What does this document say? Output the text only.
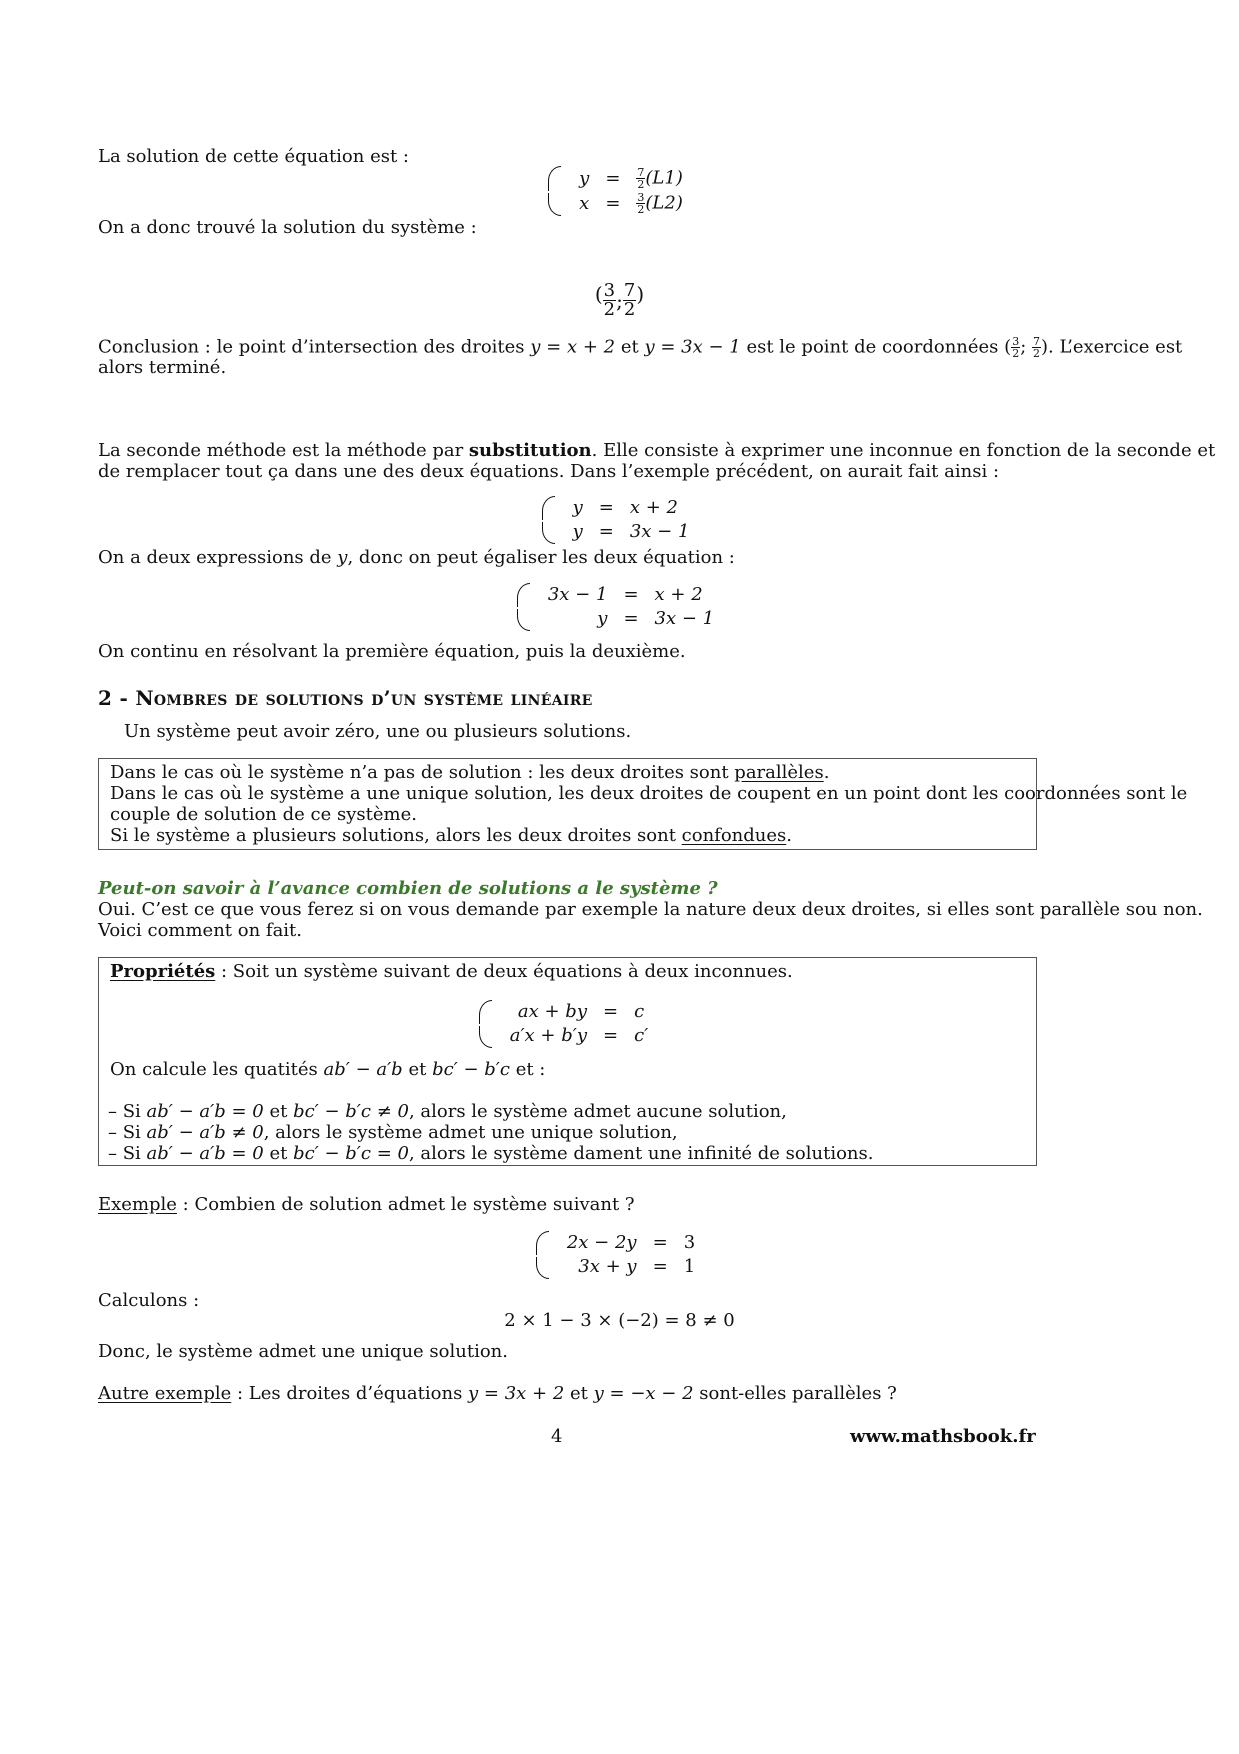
La solution de cette équation est :
y	=	$\frac{7}{2} (L1)$
x	=	$\frac{3}{2} (L2)$
On a donc trouvé la solution du système :
( $\frac{3}{2}$ ; $\frac{7}{2}$ )
Conclusion : le point d’intersection des droites y = x + 2 et y = 3x − 1 est le point de coordonnées ( $\frac{3}{2}$ ; $\frac{7}{2}$ ). L’exercice est
alors terminé.
La seconde méthode est la méthode par substitution. Elle consiste à exprimer une inconnue en fonction de la seconde et
de remplacer tout ça dans une des deux équations. Dans l’exemple précédent, on aurait fait ainsi :
y	=	x + 2
y	=	3x − 1
On a deux expressions de y, donc on peut égaliser les deux équation :
3x − 1	=	x + 2
y	=	3x − 1
On continu en résolvant la première équation, puis la deuxième.
2 - Nombres de solutions d’un système linéaire
Un système peut avoir zéro, une ou plusieurs solutions.
Dans le cas où le système n’a pas de solution : les deux droites sont parallèles.
Dans le cas où le système a une unique solution, les deux droites de coupent en un point dont les coordonnées sont le
couple de solution de ce système.
Si le système a plusieurs solutions, alors les deux droites sont confondues.
Peut-on savoir à l’avance combien de solutions a le système ?
Oui. C’est ce que vous ferez si on vous demande par exemple la nature deux deux droites, si elles sont parallèle sou non.
Voici comment on fait.
Propriétés : Soit un système suivant de deux équations à deux inconnues.
ax + by	=	c
a′x + b′y	=	c′
On calcule les quatités ab′ − a′b et bc′ − b′c et :
– Si ab′ − a′b = 0 et bc′ − b′c ≠ 0, alors le système admet aucune solution,
– Si ab′ − a′b ≠ 0, alors le système admet une unique solution,
– Si ab′ − a′b = 0 et bc′ − b′c = 0, alors le système dament une infinité de solutions.
Exemple : Combien de solution admet le système suivant ?
2x − 2y	=	3
3x + y	=	1
Calculons :
2 × 1 − 3 × (−2) = 8 ≠ 0
Donc, le système admet une unique solution.
Autre exemple : Les droites d’équations y = 3x + 2 et y = −x − 2 sont-elles parallèles ?
4	www.mathsbook.fr
